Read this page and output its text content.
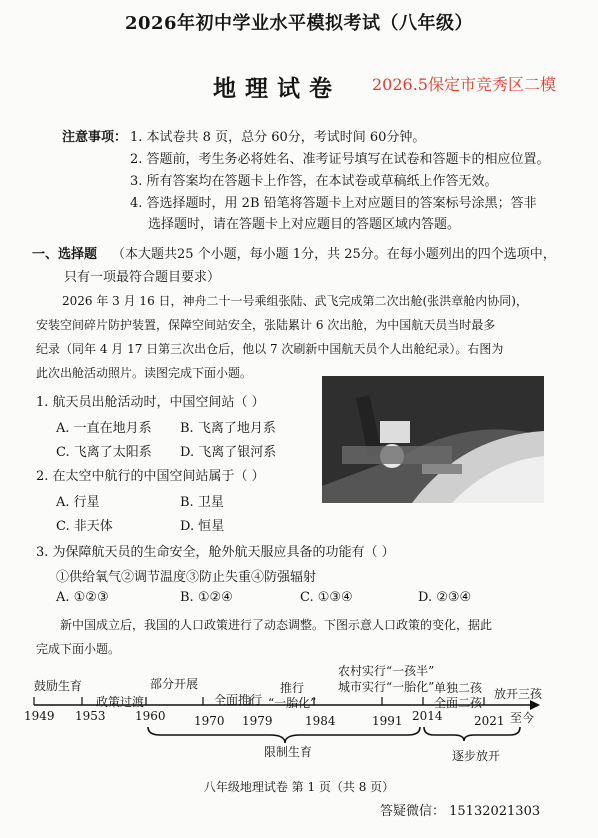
2026年初中学业水平模拟考试（八年级）
地理试卷 2026.5保定市竞秀区二模
注意事项： 1. 本试卷共 8 页，总分 60分，考试时间 60分钟。
2. 答题前，考生务必将姓名、准考证号填写在试卷和答题卡的相应位置。
3. 所有答案均在答题卡上作答，在本试卷或草稿纸上作答无效。
4. 答选择题时，用 2B 铅笔将答题卡上对应题目的答案标号涂黑；答非
选择题时，请在答题卡上对应题目的答题区域内答题。
一、选择题 （本大题共25 个小题，每小题 1分，共 25分。在每小题列出的四个选项中，
只有一项最符合题目要求）
2026 年 3 月 16 日，神舟二十一号乘组张陆、武飞完成第二次出舱(张洪章舱内协同)，
安装空间碎片防护装置，保障空间站安全，张陆累计 6 次出舱，为中国航天员当时最多
纪录（同年 4 月 17 日第三次出仓后，他以 7 次刷新中国航天员个人出舱纪录）。右图为
此次出舱活动照片。读图完成下面小题。
1. 航天员出舱活动时，中国空间站（ ）
A. 一直在地月系 B. 飞离了地月系
C. 飞离了太阳系 D. 飞离了银河系
2. 在太空中航行的中国空间站属于（ ）
A. 行星	B. 卫星
C. 非天体	D. 恒星
3. 为保障航天员的生命安全，舱外航天服应具备的功能有（ ）
①供给氧气②调节温度③防止失重④防强辐射
A. ①②③	B. ①②④	C. ①③④	D. ②③④
新中国成立后，我国的人口政策进行了动态调整。下图示意人口政策的变化，据此
完成下面小题。
鼓励生育
政策过渡
部分开展
全面推行
推行
“一胎化”
农村实行“一孩半”
城市实行“一胎化” 单独二孩
全面二孩
放开三孩
1949 1953 1960 1970 1979	1984	1991 2014	2021 至今
限制生育	逐步放开
八年级地理试卷 第 1 页（共 8 页）
答疑微信： 15132021303
